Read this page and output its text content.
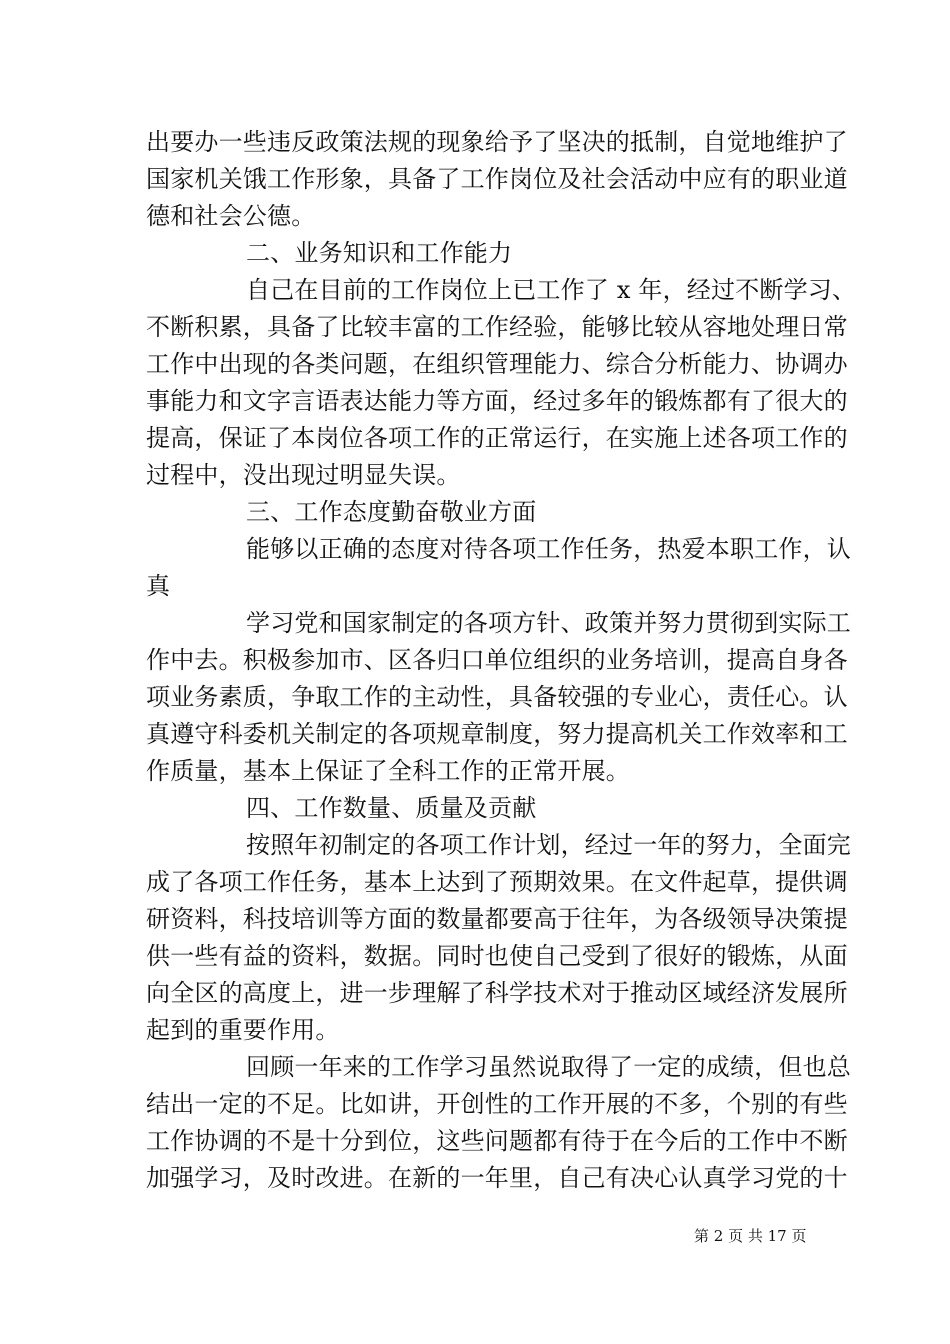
出要办一些违反政策法规的现象给予了坚决的抵制，自觉地维护了
国家机关饿工作形象，具备了工作岗位及社会活动中应有的职业道
德和社会公德。
二、业务知识和工作能力
自己在目前的工作岗位上已工作了 x 年，经过不断学习、
不断积累，具备了比较丰富的工作经验，能够比较从容地处理日常
工作中出现的各类问题，在组织管理能力、综合分析能力、协调办
事能力和文字言语表达能力等方面，经过多年的锻炼都有了很大的
提高，保证了本岗位各项工作的正常运行，在实施上述各项工作的
过程中，没出现过明显失误。
三、工作态度勤奋敬业方面
能够以正确的态度对待各项工作任务，热爱本职工作，认
真
学习党和国家制定的各项方针、政策并努力贯彻到实际工
作中去。积极参加市、区各归口单位组织的业务培训，提高自身各
项业务素质，争取工作的主动性，具备较强的专业心，责任心。认
真遵守科委机关制定的各项规章制度，努力提高机关工作效率和工
作质量，基本上保证了全科工作的正常开展。
四、工作数量、质量及贡献
按照年初制定的各项工作计划，经过一年的努力，全面完
成了各项工作任务，基本上达到了预期效果。在文件起草，提供调
研资料，科技培训等方面的数量都要高于往年，为各级领导决策提
供一些有益的资料，数据。同时也使自己受到了很好的锻炼，从面
向全区的高度上，进一步理解了科学技术对于推动区域经济发展所
起到的重要作用。
回顾一年来的工作学习虽然说取得了一定的成绩，但也总
结出一定的不足。比如讲，开创性的工作开展的不多，个别的有些
工作协调的不是十分到位，这些问题都有待于在今后的工作中不断
加强学习，及时改进。在新的一年里，自己有决心认真学习党的十
第 2 页 共 17 页
